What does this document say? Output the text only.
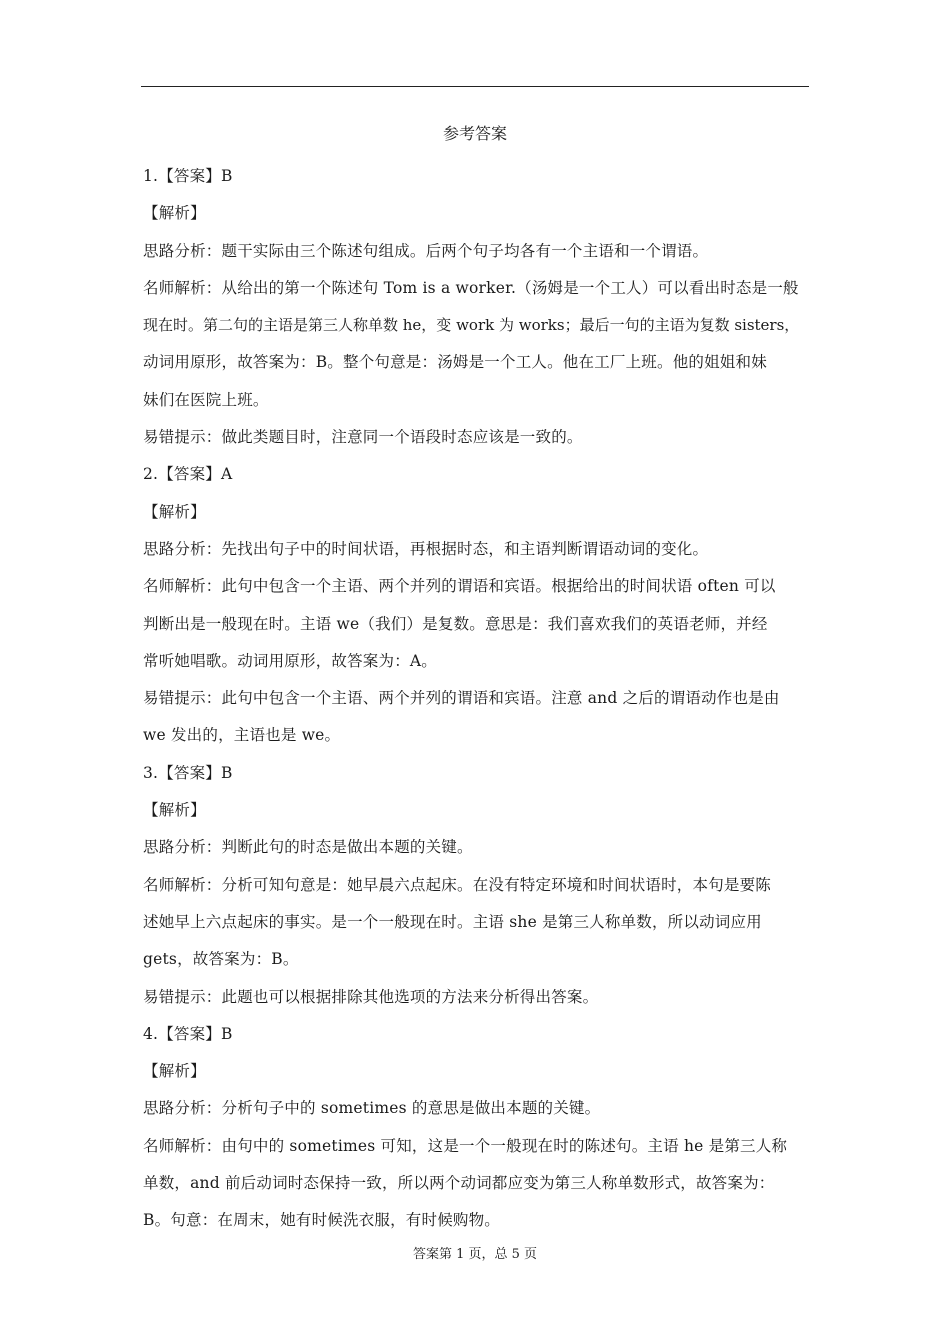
参考答案
1.【答案】B
【解析】
思路分析：题干实际由三个陈述句组成。后两个句子均各有一个主语和一个谓语。
名师解析：从给出的第一个陈述句 Tom is a worker.（汤姆是一个工人）可以看出时态是一般
现在时。第二句的主语是第三人称单数 he，变 work 为 works；最后一句的主语为复数 sisters，
动词用原形，故答案为：B。整个句意是：汤姆是一个工人。他在工厂上班。他的姐姐和妹
妹们在医院上班。
易错提示：做此类题目时，注意同一个语段时态应该是一致的。
2.【答案】A
【解析】
思路分析：先找出句子中的时间状语，再根据时态，和主语判断谓语动词的变化。
名师解析：此句中包含一个主语、两个并列的谓语和宾语。根据给出的时间状语 often 可以
判断出是一般现在时。主语 we（我们）是复数。意思是：我们喜欢我们的英语老师，并经
常听她唱歌。动词用原形，故答案为：A。
易错提示：此句中包含一个主语、两个并列的谓语和宾语。注意 and 之后的谓语动作也是由
we 发出的，主语也是 we。
3.【答案】B
【解析】
思路分析：判断此句的时态是做出本题的关键。
名师解析：分析可知句意是：她早晨六点起床。在没有特定环境和时间状语时，本句是要陈
述她早上六点起床的事实。是一个一般现在时。主语 she 是第三人称单数，所以动词应用
gets，故答案为：B。
易错提示：此题也可以根据排除其他选项的方法来分析得出答案。
4.【答案】B
【解析】
思路分析：分析句子中的 sometimes 的意思是做出本题的关键。
名师解析：由句中的 sometimes 可知，这是一个一般现在时的陈述句。主语 he 是第三人称
单数，and 前后动词时态保持一致，所以两个动词都应变为第三人称单数形式，故答案为：
B。句意：在周末，她有时候洗衣服，有时候购物。
答案第 1 页，总 5 页
